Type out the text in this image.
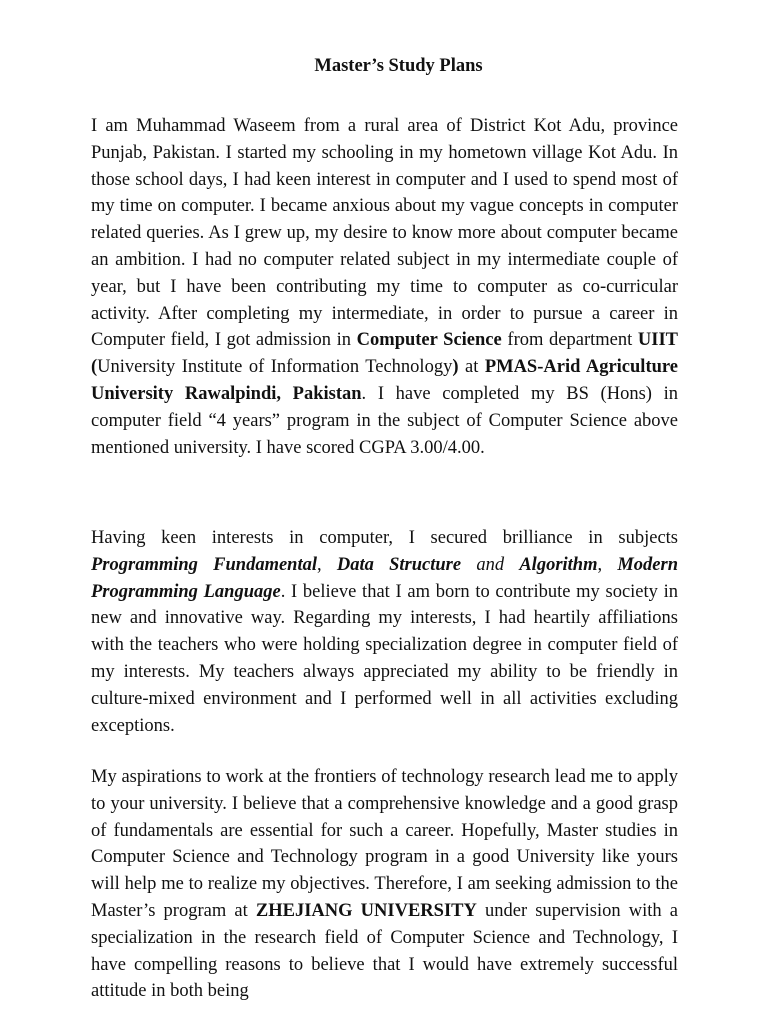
Master’s Study Plans

I am Muhammad Waseem from a rural area of District Kot Adu, province Punjab, Pakistan. I started my schooling in my hometown village Kot Adu. In those school days, I had keen interest in computer and I used to spend most of my time on computer. I became anxious about my vague concepts in computer related queries. As I grew up, my desire to know more about computer became an ambition. I had no computer related subject in my intermediate couple of year, but I have been contributing my time to computer as co-curricular activity. After completing my intermediate, in order to pursue a career in Computer field, I got admission in Computer Science from department UIIT (University Institute of Information Technology) at PMAS-Arid Agriculture University Rawalpindi, Pakistan. I have completed my BS (Hons) in computer field “4 years” program in the subject of Computer Science above mentioned university. I have scored CGPA 3.00/4.00.

Having keen interests in computer, I secured brilliance in subjects Programming Fundamental, Data Structure and Algorithm, Modern Programming Language. I believe that I am born to contribute my society in new and innovative way. Regarding my interests, I had heartily affiliations with the teachers who were holding specialization degree in computer field of my interests. My teachers always appreciated my ability to be friendly in culture-mixed environment and I performed well in all activities excluding exceptions.

My aspirations to work at the frontiers of technology research lead me to apply to your university. I believe that a comprehensive knowledge and a good grasp of fundamentals are essential for such a career. Hopefully, Master studies in Computer Science and Technology program in a good University like yours will help me to realize my objectives. Therefore, I am seeking admission to the Master’s program at ZHEJIANG UNIVERSITY under supervision with a specialization in the research field of Computer Science and Technology, I have compelling reasons to believe that I would have extremely successful attitude in both being
